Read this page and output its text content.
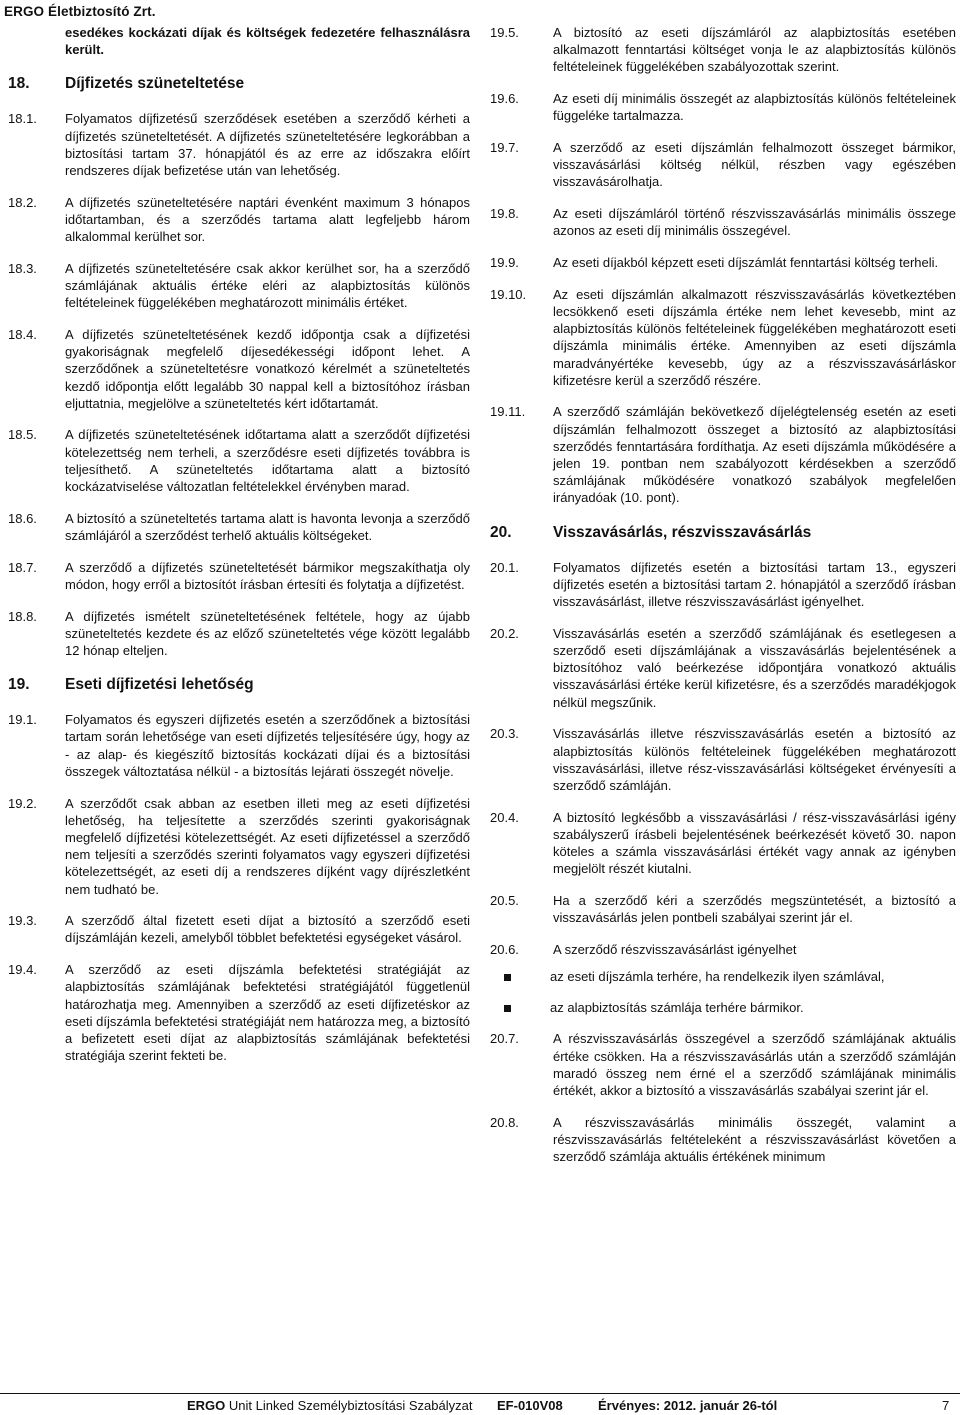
ERGO Életbiztosító Zrt.
esedékes kockázati díjak és költségek fedezetére felhasználásra került.
18.	Díjfizetés szüneteltetése
18.1.	Folyamatos díjfizetésű szerződések esetében a szerződő kérheti a díjfizetés szüneteltetését. A díjfizetés szüneteltetésére legkorábban a biztosítási tartam 37. hónapjától és az erre az időszakra előírt rendszeres díjak befizetése után van lehetőség.
18.2.	A díjfizetés szüneteltetésére naptári évenként maximum 3 hónapos időtartamban, és a szerződés tartama alatt legfeljebb három alkalommal kerülhet sor.
18.3.	A díjfizetés szüneteltetésére csak akkor kerülhet sor, ha a szerződő számlájának aktuális értéke eléri az alapbiztosítás különös feltételeinek függelékében meghatározott minimális értéket.
18.4.	A díjfizetés szüneteltetésének kezdő időpontja csak a díjfizetési gyakoriságnak megfelelő díjesedékességi időpont lehet. A szerződőnek a szüneteltetésre vonatkozó kérelmét a szüneteltetés kezdő időpontja előtt legalább 30 nappal kell a biztosítóhoz írásban eljuttatnia, megjelölve a szüneteltetés kért időtartamát.
18.5.	A díjfizetés szüneteltetésének időtartama alatt a szerződőt díjfizetési kötelezettség nem terheli, a szerződésre eseti díjfizetés továbbra is teljesíthető. A szüneteltetés időtartama alatt a biztosító kockázatviselése változatlan feltételekkel érvényben marad.
18.6.	A biztosító a szüneteltetés tartama alatt is havonta levonja a szerződő számlájáról a szerződést terhelő aktuális költségeket.
18.7.	A szerződő a díjfizetés szüneteltetését bármikor megszakíthatja oly módon, hogy erről a biztosítót írásban értesíti és folytatja a díjfizetést.
18.8.	A díjfizetés ismételt szüneteltetésének feltétele, hogy az újabb szüneteltetés kezdete és az előző szüneteltetés vége között legalább 12 hónap elteljen.
19.	Eseti díjfizetési lehetőség
19.1.	Folyamatos és egyszeri díjfizetés esetén a szerződőnek a biztosítási tartam során lehetősége van eseti díjfizetés teljesítésére úgy, hogy az - az alap- és kiegészítő biztosítás kockázati díjai és a biztosítási összegek változtatása nélkül - a biztosítás lejárati összegét növelje.
19.2.	A szerződőt csak abban az esetben illeti meg az eseti díjfizetési lehetőség, ha teljesítette a szerződés szerinti gyakoriságnak megfelelő díjfizetési kötelezettségét. Az eseti díjfizetéssel a szerződő nem teljesíti a szerződés szerinti folyamatos vagy egyszeri díjfizetési kötelezettségét, az eseti díj a rendszeres díjként vagy díjrészletként nem tudható be.
19.3.	A szerződő által fizetett eseti díjat a biztosító a szerződő eseti díjszámláján kezeli, amelyből többlet befektetési egységeket vásárol.
19.4.	A szerződő az eseti díjszámla befektetési stratégiáját az alapbiztosítás számlájának befektetési stratégiájától függetlenül határozhatja meg. Amennyiben a szerződő az eseti díjfizetéskor az eseti díjszámla befektetési stratégiáját nem határozza meg, a biztosító a befizetett eseti díjat az alapbiztosítás számlájának befektetési stratégiája szerint fekteti be.
19.5.	A biztosító az eseti díjszámláról az alapbiztosítás esetében alkalmazott fenntartási költséget vonja le az alapbiztosítás különös feltételeinek függelékében szabályozottak szerint.
19.6.	Az eseti díj minimális összegét az alapbiztosítás különös feltételeinek függeléke tartalmazza.
19.7.	A szerződő az eseti díjszámlán felhalmozott összeget bármikor, visszavásárlási költség nélkül, részben vagy egészében visszavásárolhatja.
19.8.	Az eseti díjszámláról történő részvisszavásárlás minimális összege azonos az eseti díj minimális összegével.
19.9.	Az eseti díjakból képzett eseti díjszámlát fenntartási költség terheli.
19.10.	Az eseti díjszámlán alkalmazott részvisszavásárlás következtében lecsökkenő eseti díjszámla értéke nem lehet kevesebb, mint az alapbiztosítás különös feltételeinek függelékében meghatározott eseti díjszámla minimális értéke. Amennyiben az eseti díjszámla maradványértéke kevesebb, úgy az a részvisszavásárláskor kifizetésre kerül a szerződő részére.
19.11.	A szerződő számláján bekövetkező díjelégtelenség esetén az eseti díjszámlán felhalmozott összeget a biztosító az alapbiztosítási szerződés fenntartására fordíthatja. Az eseti díjszámla működésére a jelen 19. pontban nem szabályozott kérdésekben a szerződő számlájának működésére vonatkozó szabályok megfelelően irányadóak (10. pont).
20.	Visszavásárlás, részvisszavásárlás
20.1.	Folyamatos díjfizetés esetén a biztosítási tartam 13., egyszeri díjfizetés esetén a biztosítási tartam 2. hónapjától a szerződő írásban visszavásárlást, illetve részvisszavásárlást igényelhet.
20.2.	Visszavásárlás esetén a szerződő számlájának és esetlegesen a szerződő eseti díjszámlájának a visszavásárlás bejelentésének a biztosítóhoz való beérkezése időpontjára vonatkozó aktuális visszavásárlási értéke kerül kifizetésre, és a szerződés maradékjogok nélkül megszűnik.
20.3.	Visszavásárlás illetve részvisszavásárlás esetén a biztosító az alapbiztosítás különös feltételeinek függelékében meghatározott visszavásárlási, illetve rész-visszavásárlási költségeket érvényesíti a szerződő számláján.
20.4.	A biztosító legkésőbb a visszavásárlási / rész-visszavásárlási igény szabályszerű írásbeli bejelentésének beérkezését követő 30. napon köteles a számla visszavásárlási értékét vagy annak az igényben megjelölt részét kiutalni.
20.5.	Ha a szerződő kéri a szerződés megszüntetését, a biztosító a visszavásárlás jelen pontbeli szabályai szerint jár el.
20.6.	A szerződő részvisszavásárlást igényelhet
az eseti díjszámla terhére, ha rendelkezik ilyen számlával,
az alapbiztosítás számlája terhére bármikor.
20.7.	A részvisszavásárlás összegével a szerződő számlájának aktuális értéke csökken. Ha a részvisszavásárlás után a szerződő számláján maradó összeg nem érné el a szerződő számlájának minimális értékét, akkor a biztosító a visszavásárlás szabályai szerint jár el.
20.8.	A részvisszavásárlás minimális összegét, valamint a részvisszavásárlás feltételeként a részvisszavásárlást követően a szerződő számlája aktuális értékének minimum
ERGO Unit Linked Személybiztosítási Szabályzat EF-010V08	Érvényes: 2012. január 26-tól	7
